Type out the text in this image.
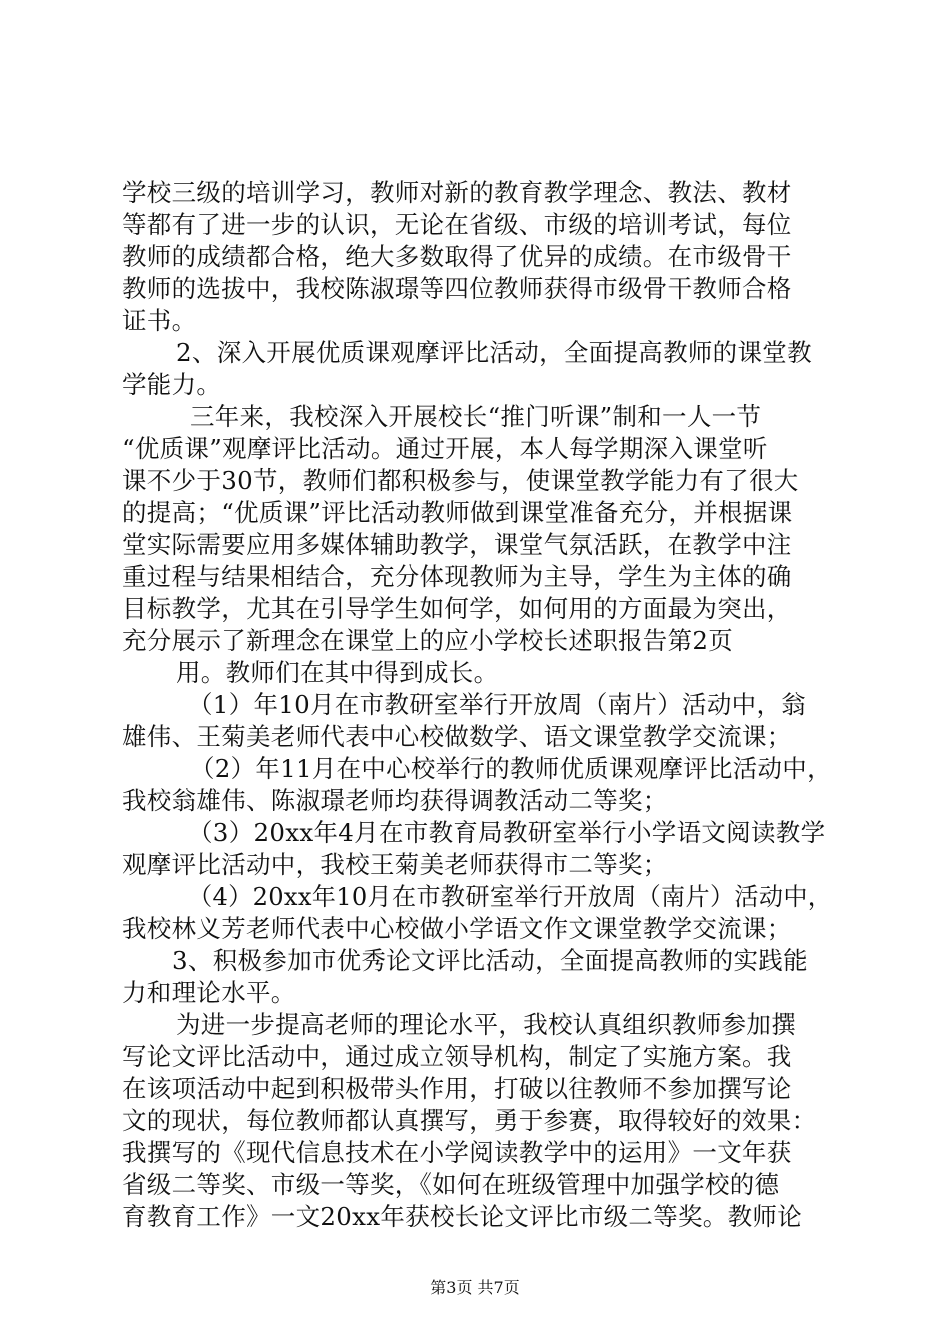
学校三级的培训学习，教师对新的教育教学理念、教法、教材
等都有了进一步的认识，无论在省级、市级的培训考试，每位
教师的成绩都合格，绝大多数取得了优异的成绩。在市级骨干
教师的选拔中，我校陈淑璟等四位教师获得市级骨干教师合格
证书。
2、深入开展优质课观摩评比活动，全面提高教师的课堂教
学能力。
三年来，我校深入开展校长“推门听课”制和一人一节
“优质课”观摩评比活动。通过开展，本人每学期深入课堂听
课不少于30节，教师们都积极参与，使课堂教学能力有了很大
的提高；“优质课”评比活动教师做到课堂准备充分，并根据课
堂实际需要应用多媒体辅助教学，课堂气氛活跃，在教学中注
重过程与结果相结合，充分体现教师为主导，学生为主体的确
目标教学，尤其在引导学生如何学，如何用的方面最为突出，
充分展示了新理念在课堂上的应小学校长述职报告第2页
用。教师们在其中得到成长。
（1）年10月在市教研室举行开放周（南片）活动中，翁
雄伟、王菊美老师代表中心校做数学、语文课堂教学交流课；
（2）年11月在中心校举行的教师优质课观摩评比活动中，
我校翁雄伟、陈淑璟老师均获得调教活动二等奖；
（3）20xx年4月在市教育局教研室举行小学语文阅读教学
观摩评比活动中，我校王菊美老师获得市二等奖；
（4）20xx年10月在市教研室举行开放周（南片）活动中，
我校林义芳老师代表中心校做小学语文作文课堂教学交流课；
3、积极参加市优秀论文评比活动，全面提高教师的实践能
力和理论水平。
为进一步提高老师的理论水平，我校认真组织教师参加撰
写论文评比活动中，通过成立领导机构，制定了实施方案。我
在该项活动中起到积极带头作用，打破以往教师不参加撰写论
文的现状，每位教师都认真撰写，勇于参赛，取得较好的效果：
我撰写的《现代信息技术在小学阅读教学中的运用》一文年获
省级二等奖、市级一等奖，《如何在班级管理中加强学校的德
育教育工作》一文20xx年获校长论文评比市级二等奖。教师论
第3页 共7页
